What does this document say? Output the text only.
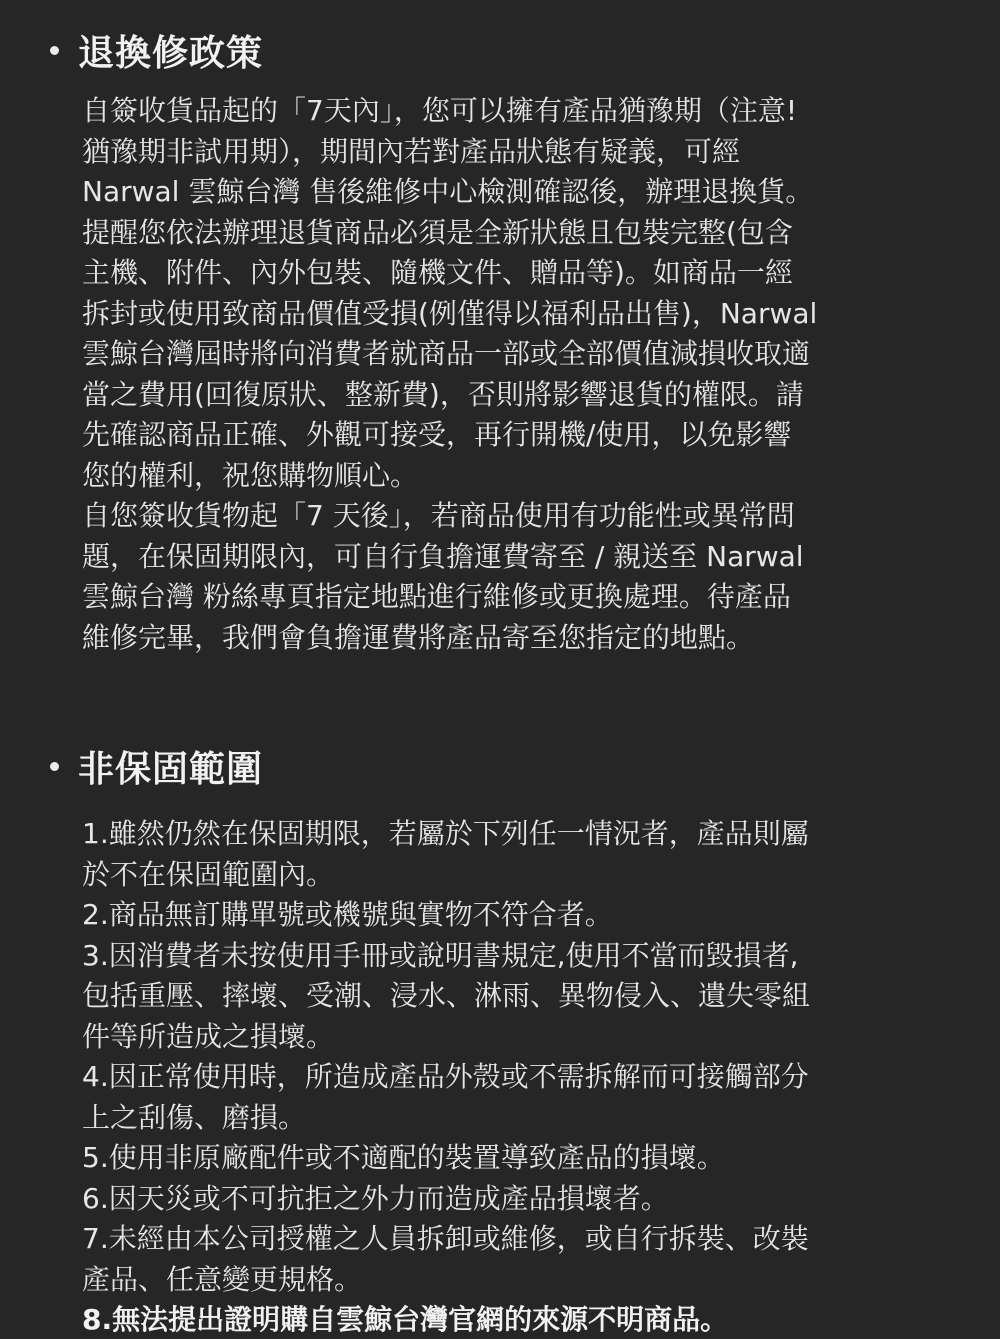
退換修政策
自簽收貨品起的「7天內」，您可以擁有產品猶豫期（注意!
猶豫期非試用期），期間內若對產品狀態有疑義，可經
Narwal 雲鯨台灣 售後維修中心檢測確認後，辦理退換貨。
提醒您依法辦理退貨商品必須是全新狀態且包裝完整(包含
主機、附件、內外包裝、隨機文件、贈品等)。如商品一經
拆封或使用致商品價值受損(例僅得以福利品出售)，Narwal
雲鯨台灣屆時將向消費者就商品一部或全部價值減損收取適
當之費用(回復原狀、整新費)，否則將影響退貨的權限。請
先確認商品正確、外觀可接受，再行開機/使用，以免影響
您的權利，祝您購物順心。
自您簽收貨物起「7 天後」，若商品使用有功能性或異常問
題，在保固期限內，可自行負擔運費寄至 / 親送至 Narwal
雲鯨台灣 粉絲專頁指定地點進行維修或更換處理。待產品
維修完畢，我們會負擔運費將產品寄至您指定的地點。
非保固範圍
1.雖然仍然在保固期限，若屬於下列任一情況者，產品則屬
於不在保固範圍內。
2.商品無訂購單號或機號與實物不符合者。
3.因消費者未按使用手冊或說明書規定,使用不當而毀損者,
包括重壓、摔壞、受潮、浸水、淋雨、異物侵入、遺失零組
件等所造成之損壞。
4.因正常使用時，所造成產品外殼或不需拆解而可接觸部分
上之刮傷、磨損。
5.使用非原廠配件或不適配的裝置導致產品的損壞。
6.因天災或不可抗拒之外力而造成產品損壞者。
7.未經由本公司授權之人員拆卸或維修，或自行拆裝、改裝
產品、任意變更規格。
8.無法提出證明購自雲鯨台灣官網的來源不明商品。
